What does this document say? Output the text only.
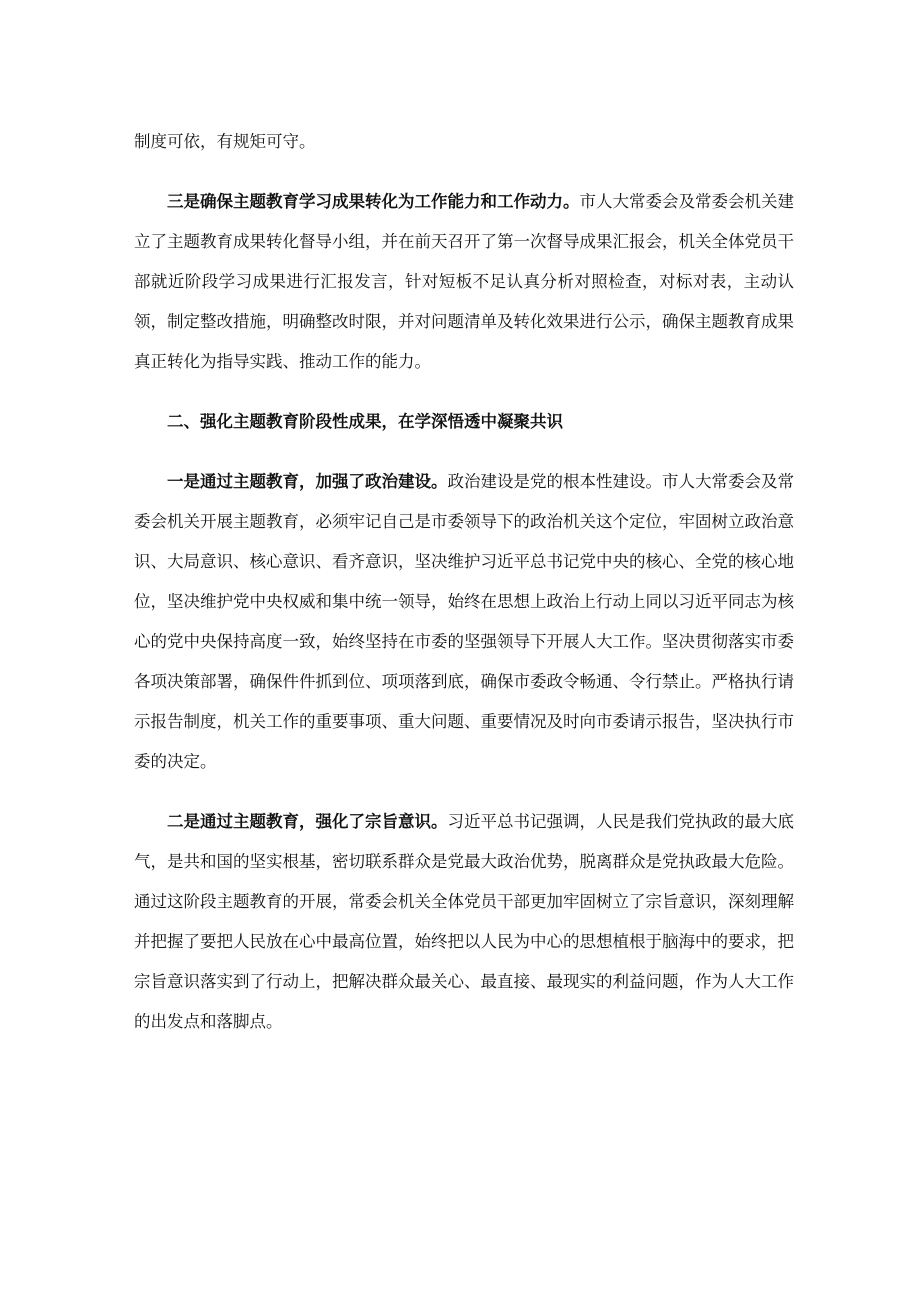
制度可依，有规矩可守。

三是确保主题教育学习成果转化为工作能力和工作动力。市人大常委会及常委会机关建立了主题教育成果转化督导小组，并在前天召开了第一次督导成果汇报会，机关全体党员干部就近阶段学习成果进行汇报发言，针对短板不足认真分析对照检查，对标对表，主动认领，制定整改措施，明确整改时限，并对问题清单及转化效果进行公示，确保主题教育成果真正转化为指导实践、推动工作的能力。

二、强化主题教育阶段性成果，在学深悟透中凝聚共识

一是通过主题教育，加强了政治建设。政治建设是党的根本性建设。市人大常委会及常委会机关开展主题教育，必须牢记自己是市委领导下的政治机关这个定位，牢固树立政治意识、大局意识、核心意识、看齐意识，坚决维护习近平总书记党中央的核心、全党的核心地位，坚决维护党中央权威和集中统一领导，始终在思想上政治上行动上同以习近平同志为核心的党中央保持高度一致，始终坚持在市委的坚强领导下开展人大工作。坚决贯彻落实市委各项决策部署，确保件件抓到位、项项落到底，确保市委政令畅通、令行禁止。严格执行请示报告制度，机关工作的重要事项、重大问题、重要情况及时向市委请示报告，坚决执行市委的决定。

二是通过主题教育，强化了宗旨意识。习近平总书记强调，人民是我们党执政的最大底气，是共和国的坚实根基，密切联系群众是党最大政治优势，脱离群众是党执政最大危险。通过这阶段主题教育的开展，常委会机关全体党员干部更加牢固树立了宗旨意识，深刻理解并把握了要把人民放在心中最高位置，始终把以人民为中心的思想植根于脑海中的要求，把宗旨意识落实到了行动上，把解决群众最关心、最直接、最现实的利益问题，作为人大工作的出发点和落脚点。
